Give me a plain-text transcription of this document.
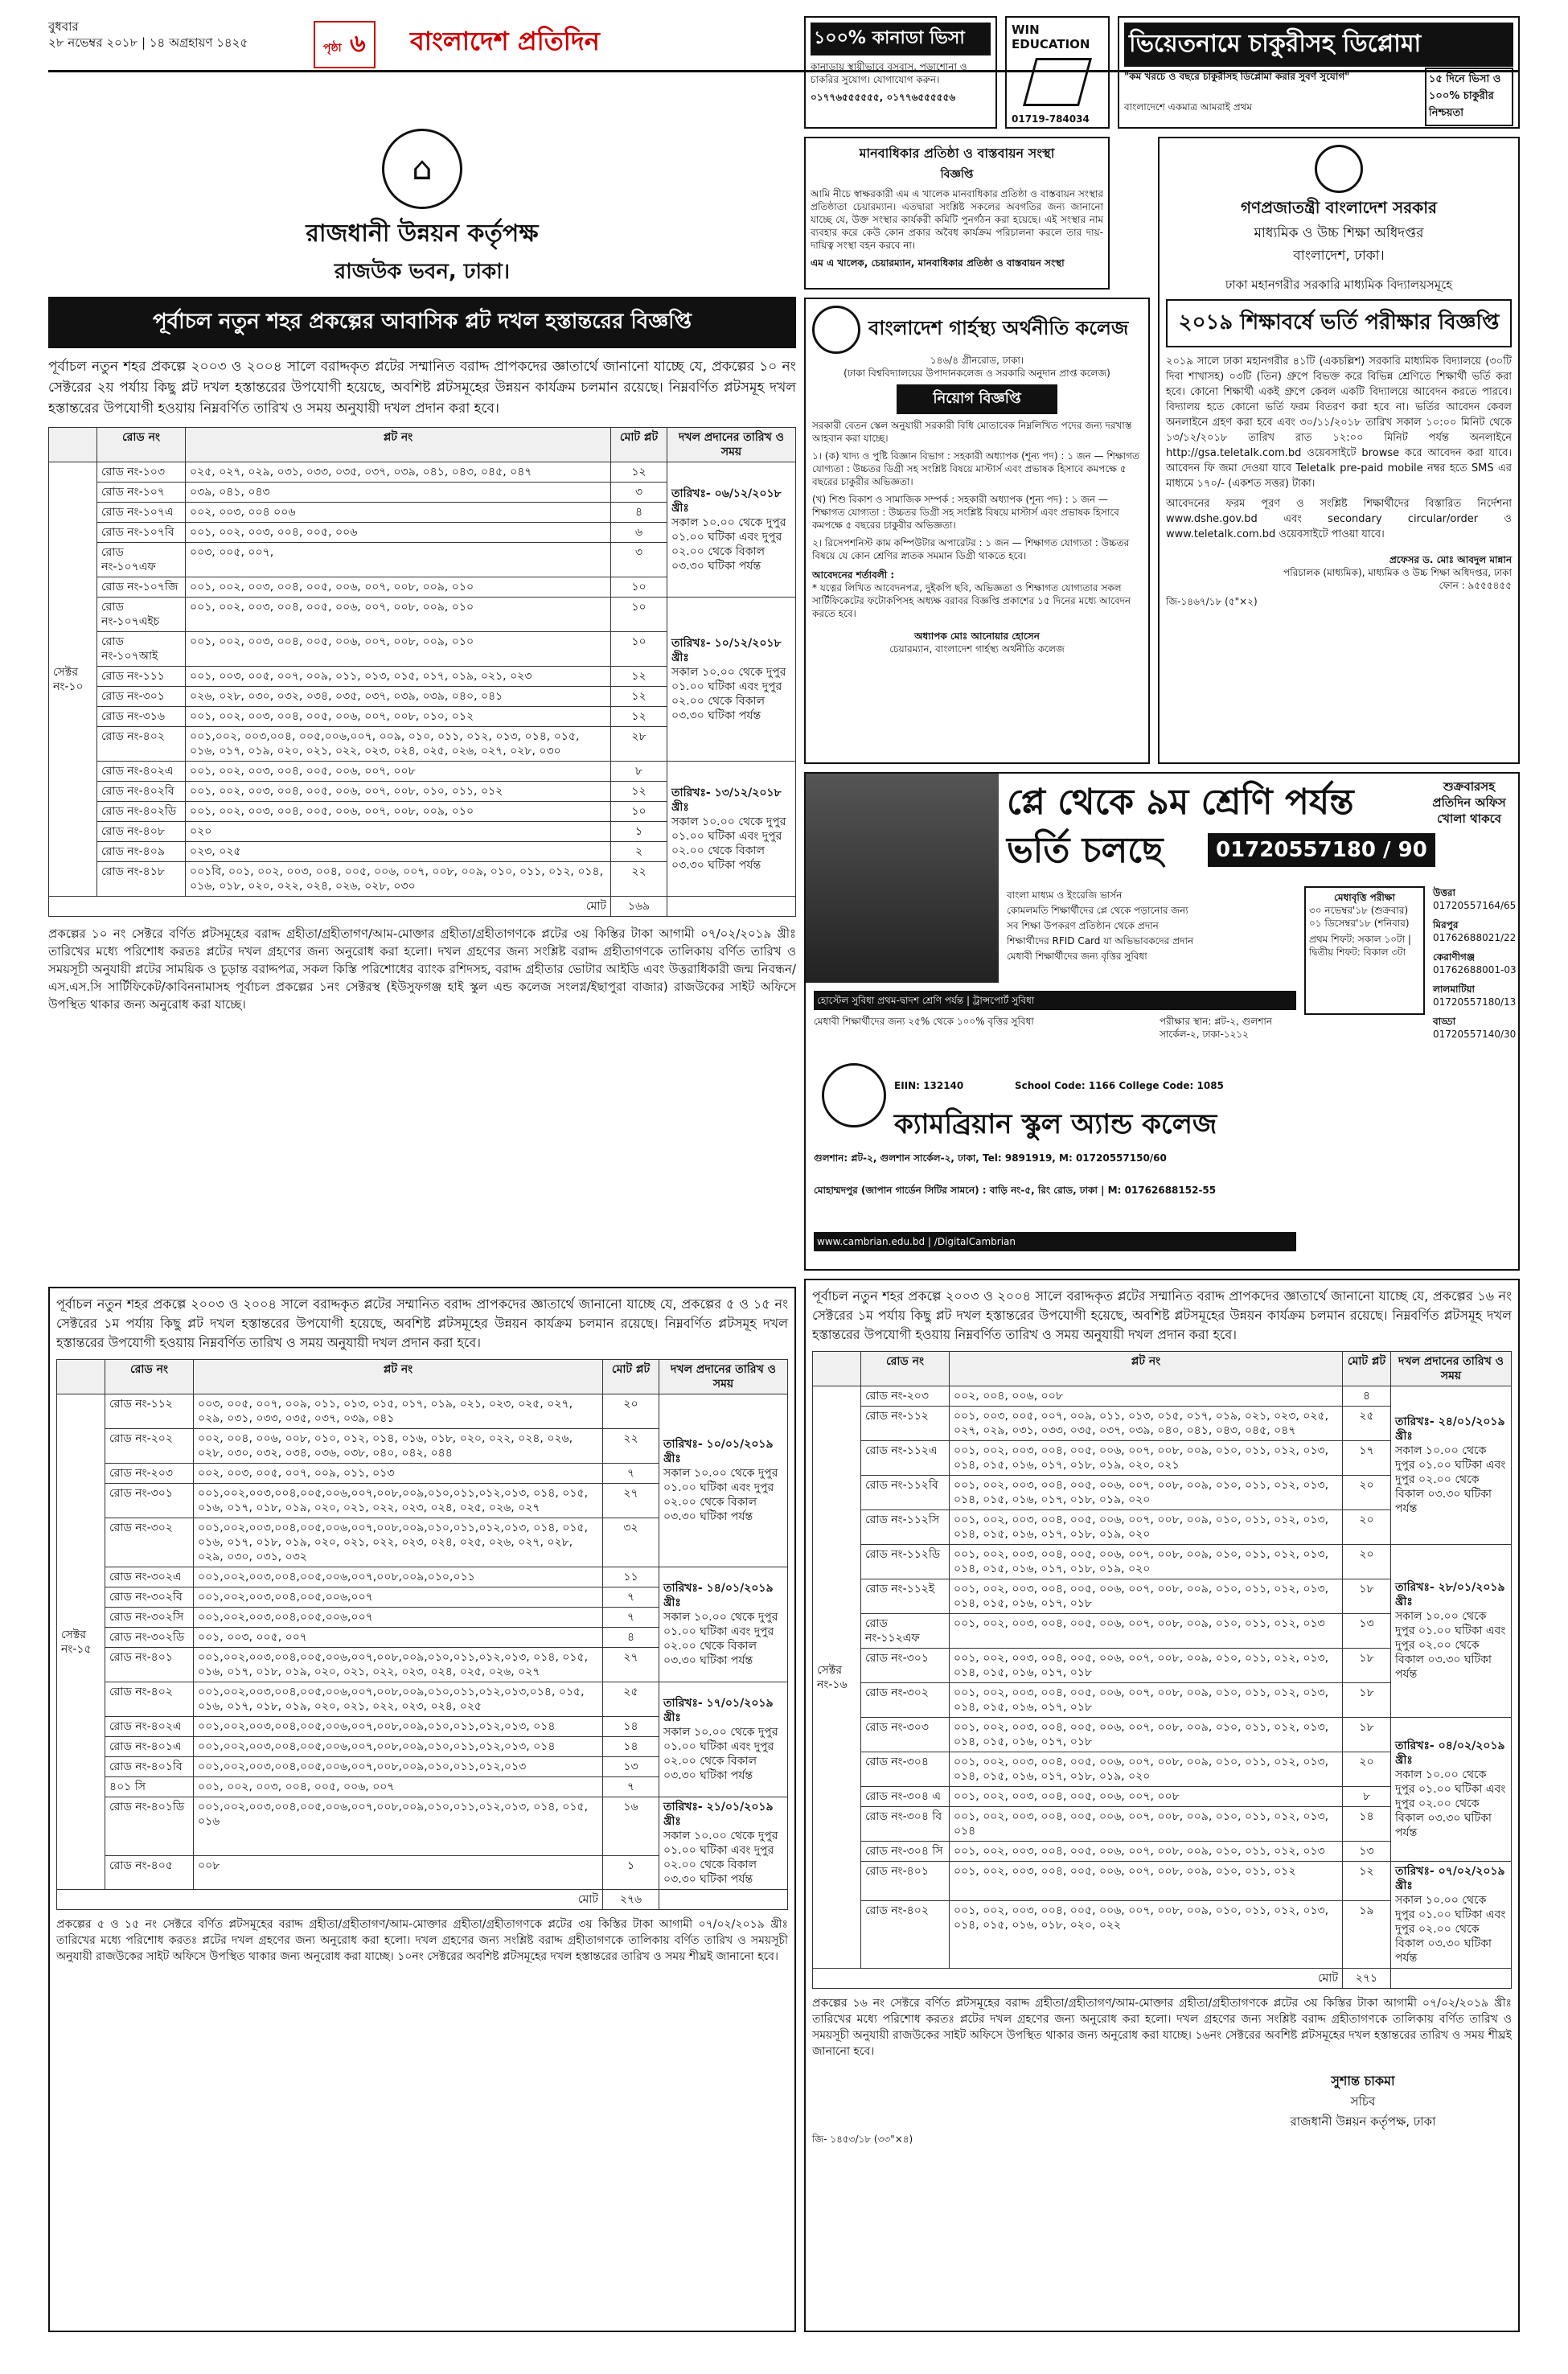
বুধবার
২৮ নভেম্বর ২০১৮ | ১৪ অগ্রহায়ণ ১৪২৫	পৃষ্ঠা ৬	বাংলাদেশ প্রতিদিন	১০০% কানাডা ভিসা
কানাডায় স্থায়ীভাবে বসবাস, পড়াশোনা ও চাকরির সুযোগ। যোগাযোগ করুন।
০১৭৭৬৫৫৫৫৫৫, ০১৭৭৬৫৫৫৫৫৬
WIN EDUCATION
01719-784034
ভিয়েতনামে চাকুরীসহ ডিপ্লোমা
"কম খরচে ও বছরে চাকুরীসহ ডিপ্লোমা করার সুবর্ণ সুযোগ"
বাংলাদেশে একমাত্র আমরাই প্রথম
১৫ দিনে ভিসা ও ১০০% চাকুরীর নিশ্চয়তা
⌂
রাজধানী উন্নয়ন কর্তৃপক্ষ
রাজউক ভবন, ঢাকা।
পূর্বাচল নতুন শহর প্রকল্পের আবাসিক প্লট দখল হস্তান্তরের বিজ্ঞপ্তি
পূর্বাচল নতুন শহর প্রকল্পে ২০০৩ ও ২০০৪ সালে বরাদ্দকৃত প্লটের সম্মানিত বরাদ্দ প্রাপকদের জ্ঞাতার্থে জানানো যাচ্ছে যে, প্রকল্পের ১০ নং সেক্টরের ২য় পর্যায় কিছু প্লট দখল হস্তান্তরের উপযোগী হয়েছে, অবশিষ্ট প্লটসমূহের উন্নয়ন কার্যক্রম চলমান রয়েছে। নিম্নবর্ণিত প্লটসমূহ দখল হস্তান্তরের উপযোগী হওয়ায় নিম্নবর্ণিত তারিখ ও সময় অনুযায়ী দখল প্রদান করা হবে।
	রোড নং	প্লট নং	মোট প্লট	দখল প্রদানের তারিখ ও সময়
সেক্টর নং-১০	রোড নং-১০৩	০২৫, ০২৭, ০২৯, ০৩১, ০৩৩, ০৩৫, ০৩৭, ০৩৯, ০৪১, ০৪৩, ০৪৫, ০৪৭	১২	তারিখঃ- ০৬/১২/২০১৮ খ্রীঃ
সকাল ১০.০০ থেকে দুপুর ০১.০০ ঘটিকা এবং দুপুর ০২.০০ থেকে বিকাল ০৩.৩০ ঘটিকা পর্যন্ত

	রোড নং-১০৭	০৩৯, ০৪১, ০৪৩	৩	
	রোড নং-১০৭এ	০০২, ০০৩, ০০৪ ০০৬	৪	
	রোড নং-১০৭বি	০০১, ০০২, ০০৩, ০০৪, ০০৫, ০০৬	৬	
	রোড নং-১০৭এফ	০০৩, ০০৫, ০০৭,	৩	
	রোড নং-১০৭জি	০০১, ০০২, ০০৩, ০০৪, ০০৫, ০০৬, ০০৭, ০০৮, ০০৯, ০১০	১০	
	রোড নং-১০৭এইচ	০০১, ০০২, ০০৩, ০০৪, ০০৫, ০০৬, ০০৭, ০০৮, ০০৯, ০১০	১০	তারিখঃ- ১০/১২/২০১৮ খ্রীঃ
সকাল ১০.০০ থেকে দুপুর ০১.০০ ঘটিকা এবং দুপুর ০২.০০ থেকে বিকাল ০৩.৩০ ঘটিকা পর্যন্ত

	রোড নং-১০৭আই	০০১, ০০২, ০০৩, ০০৪, ০০৫, ০০৬, ০০৭, ০০৮, ০০৯, ০১০	১০	
	রোড নং-১১১	০০১, ০০৩, ০০৫, ০০৭, ০০৯, ০১১, ০১৩, ০১৫, ০১৭, ০১৯, ০২১, ০২৩	১২	
	রোড নং-৩০১	০২৬, ০২৮, ০৩০, ০৩২, ০৩৪, ০৩৫, ০৩৭, ০৩৯, ০৩৯, ০৪০, ০৪১	১২	
	রোড নং-৩১৬	০০১, ০০২, ০০৩, ০০৪, ০০৫, ০০৬, ০০৭, ০০৮, ০১০, ০১২	১২	
	রোড নং-৪০২	০০১,০০২, ০০৩,০০৪, ০০৫,০০৬,০০৭, ০০৯, ০১০, ০১১, ০১২, ০১৩, ০১৪, ০১৫, ০১৬, ০১৭, ০১৯, ০২০, ০২১, ০২২, ০২৩, ০২৪, ০২৫, ০২৬, ০২৭, ০২৮, ০৩০	২৮	
	রোড নং-৪০২এ	০০১, ০০২, ০০৩, ০০৪, ০০৫, ০০৬, ০০৭, ০০৮	৮	তারিখঃ- ১৩/১২/২০১৮ খ্রীঃ
সকাল ১০.০০ থেকে দুপুর ০১.০০ ঘটিকা এবং দুপুর ০২.০০ থেকে বিকাল ০৩.৩০ ঘটিকা পর্যন্ত

	রোড নং-৪০২বি	০০১, ০০২, ০০৩, ০০৪, ০০৫, ০০৬, ০০৭, ০০৮, ০১০, ০১১, ০১২	১২	
	রোড নং-৪০২ডি	০০১, ০০২, ০০৩, ০০৪, ০০৫, ০০৬, ০০৭, ০০৮, ০০৯, ০১০	১০	
	রোড নং-৪০৮	০২০	১	
	রোড নং-৪০৯	০২৩, ০২৫	২	
	রোড নং-৪১৮	০০১বি, ০০১, ০০২, ০০৩, ০০৪, ০০৫, ০০৬, ০০৭, ০০৮, ০০৯, ০১০, ০১১, ০১২, ০১৪, ০১৬, ০১৮, ০২০, ০২২, ০২৪, ০২৬, ০২৮, ০৩০	২২	
মোট			১৬৯	
প্রকল্পের ১০ নং সেক্টরে বর্ণিত প্লটসমূহের বরাদ্দ গ্রহীতা/গ্রহীতাগণ/আম-মোক্তার গ্রহীতা/গ্রহীতাগণকে প্লটের ৩য় কিস্তির টাকা আগামী ০৭/০২/২০১৯ খ্রীঃ তারিখের মধ্যে পরিশোধ করতঃ প্লটের দখল গ্রহণের জন্য অনুরোধ করা হলো। দখল গ্রহণের জন্য সংশ্লিষ্ট বরাদ্দ গ্রহীতাগণকে তালিকায় বর্ণিত তারিখ ও সময়সূচী অনুযায়ী প্লটের সাময়িক ও চূড়ান্ত বরাদ্দপত্র, সকল কিস্তি পরিশোধের ব্যাংক রশিদসহ, বরাদ্দ গ্রহীতার ভোটার আইডি এবং উত্তরাধিকারী জন্ম নিবন্ধন/এস.এস.সি সার্টিফিকেট/কাবিননামাসহ পূর্বাচল প্রকল্পের ১নং সেক্টরস্থ (ইউসুফগঞ্জ হাই স্কুল এন্ড কলেজ সংলগ্ন/ইছাপুরা বাজার) রাজউকের সাইট অফিসে উপস্থিত থাকার জন্য অনুরোধ করা যাচ্ছে।
পূর্বাচল নতুন শহর প্রকল্পে ২০০৩ ও ২০০৪ সালে বরাদ্দকৃত প্লটের সম্মানিত বরাদ্দ প্রাপকদের জ্ঞাতার্থে জানানো যাচ্ছে যে, প্রকল্পের ৫ ও ১৫ নং সেক্টরের ১ম পর্যায় কিছু প্লট দখল হস্তান্তরের উপযোগী হয়েছে, অবশিষ্ট প্লটসমূহের উন্নয়ন কার্যক্রম চলমান রয়েছে। নিম্নবর্ণিত প্লটসমূহ দখল হস্তান্তরের উপযোগী হওয়ায় নিম্নবর্ণিত তারিখ ও সময় অনুযায়ী দখল প্রদান করা হবে।
	রোড নং	প্লট নং	মোট প্লট	দখল প্রদানের তারিখ ও সময়
সেক্টর নং-১৫	রোড নং-১১২	০০৩, ০০৫, ০০৭, ০০৯, ০১১, ০১৩, ০১৫, ০১৭, ০১৯, ০২১, ০২৩, ০২৫, ০২৭, ০২৯, ০৩১, ০৩৩, ০৩৫, ০৩৭, ০৩৯, ০৪১	২০	তারিখঃ- ১০/০১/২০১৯ খ্রীঃ
সকাল ১০.০০ থেকে দুপুর ০১.০০ ঘটিকা এবং দুপুর ০২.০০ থেকে বিকাল ০৩.৩০ ঘটিকা পর্যন্ত

	রোড নং-২০২	০০২, ০০৪, ০০৬, ০০৮, ০১০, ০১২, ০১৪, ০১৬, ০১৮, ০২০, ০২২, ০২৪, ০২৬, ০২৮, ০৩০, ০৩২, ০৩৪, ০৩৬, ০৩৮, ০৪০, ০৪২, ০৪৪	২২	
	রোড নং-২০৩	০০২, ০০৩, ০০৫, ০০৭, ০০৯, ০১১, ০১৩	৭	
	রোড নং-৩০১	০০১,০০২,০০৩,০০৪,০০৫,০০৬,০০৭,০০৮,০০৯,০১০,০১১,০১২,০১৩, ০১৪, ০১৫, ০১৬, ০১৭, ০১৮, ০১৯, ০২০, ০২১, ০২২, ০২৩, ০২৪, ০২৫, ০২৬, ০২৭	২৭	
	রোড নং-৩০২	০০১,০০২,০০৩,০০৪,০০৫,০০৬,০০৭,০০৮,০০৯,০১০,০১১,০১২,০১৩, ০১৪, ০১৫, ০১৬, ০১৭, ০১৮, ০১৯, ০২০, ০২১, ০২২, ০২৩, ০২৪, ০২৫, ০২৬, ০২৭, ০২৮, ০২৯, ০৩০, ০৩১, ০৩২	৩২	
	রোড নং-৩০২এ	০০১,০০২,০০৩,০০৪,০০৫,০০৬,০০৭,০০৮,০০৯,০১০,০১১	১১	তারিখঃ- ১৪/০১/২০১৯ খ্রীঃ
সকাল ১০.০০ থেকে দুপুর ০১.০০ ঘটিকা এবং দুপুর ০২.০০ থেকে বিকাল ০৩.৩০ ঘটিকা পর্যন্ত

	রোড নং-৩০২বি	০০১,০০২,০০৩,০০৪,০০৫,০০৬,০০৭	৭	
	রোড নং-৩০২সি	০০১,০০২,০০৩,০০৪,০০৫,০০৬,০০৭	৭	
	রোড নং-৩০২ডি	০০১, ০০৩, ০০৫, ০০৭	৪	
	রোড নং-৪০১	০০১,০০২,০০৩,০০৪,০০৫,০০৬,০০৭,০০৮,০০৯,০১০,০১১,০১২,০১৩, ০১৪, ০১৫, ০১৬, ০১৭, ০১৮, ০১৯, ০২০, ০২১, ০২২, ০২৩, ০২৪, ০২৫, ০২৬, ০২৭	২৭	
	রোড নং-৪০২	০০১,০০২,০০৩,০০৪,০০৫,০০৬,০০৭,০০৮,০০৯,০১০,০১১,০১২,০১৩,০১৪, ০১৫, ০১৬, ০১৭, ০১৮, ০১৯, ০২০, ০২১, ০২২, ০২৩, ০২৪, ০২৫	২৫	তারিখঃ- ১৭/০১/২০১৯ খ্রীঃ
সকাল ১০.০০ থেকে দুপুর ০১.০০ ঘটিকা এবং দুপুর ০২.০০ থেকে বিকাল ০৩.৩০ ঘটিকা পর্যন্ত

	রোড নং-৪০২এ	০০১,০০২,০০৩,০০৪,০০৫,০০৬,০০৭,০০৮,০০৯,০১০,০১১,০১২,০১৩, ০১৪	১৪	
	রোড নং-৪০১এ	০০১,০০২,০০৩,০০৪,০০৫,০০৬,০০৭,০০৮,০০৯,০১০,০১১,০১২,০১৩, ০১৪	১৪	
	রোড নং-৪০১বি	০০১,০০২,০০৩,০০৪,০০৫,০০৬,০০৭,০০৮,০০৯,০১০,০১১,০১২,০১৩	১৩	
	৪০১ সি	০০১, ০০২, ০০৩, ০০৪, ০০৫, ০০৬, ০০৭	৭	
	রোড নং-৪০১ডি	০০১,০০২,০০৩,০০৪,০০৫,০০৬,০০৭,০০৮,০০৯,০১০,০১১,০১২,০১৩, ০১৪, ০১৫, ০১৬	১৬	তারিখঃ- ২১/০১/২০১৯ খ্রীঃ
সকাল ১০.০০ থেকে দুপুর ০১.০০ ঘটিকা এবং দুপুর ০২.০০ থেকে বিকাল ০৩.৩০ ঘটিকা পর্যন্ত

	রোড নং-৪০৫	০০৮	১	
মোট			২৭৬	
প্রকল্পের ৫ ও ১৫ নং সেক্টরে বর্ণিত প্লটসমূহের বরাদ্দ গ্রহীতা/গ্রহীতাগণ/আম-মোক্তার গ্রহীতা/গ্রহীতাগণকে প্লটের ৩য় কিস্তির টাকা আগামী ০৭/০২/২০১৯ খ্রীঃ তারিখের মধ্যে পরিশোধ করতঃ প্লটের দখল গ্রহণের জন্য অনুরোধ করা হলো। দখল গ্রহণের জন্য সংশ্লিষ্ট বরাদ্দ গ্রহীতাগণকে তালিকায় বর্ণিত তারিখ ও সময়সূচী অনুযায়ী রাজউকের সাইট অফিসে উপস্থিত থাকার জন্য অনুরোধ করা যাচ্ছে। ১০নং সেক্টরের অবশিষ্ট প্লটসমূহের দখল হস্তান্তরের তারিখ ও সময় শীঘ্রই জানানো হবে।
মানবাধিকার প্রতিষ্ঠা ও বাস্তবায়ন সংস্থা
বিজ্ঞপ্তি
আমি নীচে স্বাক্ষরকারী এম এ খালেক মানবাধিকার প্রতিষ্ঠা ও বাস্তবায়ন সংস্থার প্রতিষ্ঠাতা চেয়ারম্যান। এতদ্বারা সংশ্লিষ্ট সকলের অবগতির জন্য জানানো যাচ্ছে যে, উক্ত সংস্থার কার্যকরী কমিটি পুনর্গঠন করা হয়েছে। এই সংস্থার নাম ব্যবহার করে কেউ কোন প্রকার অবৈধ কার্যক্রম পরিচালনা করলে তার দায়-দায়িত্ব সংস্থা বহন করবে না।
এম এ খালেক, চেয়ারম্যান, মানবাধিকার প্রতিষ্ঠা ও বাস্তবায়ন সংস্থা
বাংলাদেশ গার্হস্থ্য অর্থনীতি কলেজ
১৪৬/৪ গ্রীনরোড, ঢাকা।
(ঢাকা বিশ্ববিদ্যালয়ের উপাদানকলেজ ও সরকারি অনুদান প্রাপ্ত কলেজ)
নিয়োগ বিজ্ঞপ্তি
সরকারী বেতন স্কেল অনুযায়ী সরকারী বিধি মোতাবেক নিম্নলিখিত পদের জন্য দরখাস্ত আহবান করা যাচ্ছে।
১। (ক) খাদ্য ও পুষ্টি বিজ্ঞান বিভাগ : সহকারী অধ্যাপক (শূন্য পদ) : ১ জন — শিক্ষাগত যোগ্যতা : উচ্চতর ডিগ্রী সহ সংশ্লিষ্ট বিষয়ে মাস্টার্স এবং প্রভাষক হিসাবে কমপক্ষে ৫ বছরের চাকুরীর অভিজ্ঞতা।
(খ) শিশু বিকাশ ও সামাজিক সম্পর্ক : সহকারী অধ্যাপক (শূন্য পদ) : ১ জন — শিক্ষাগত যোগ্যতা : উচ্চতর ডিগ্রী সহ সংশ্লিষ্ট বিষয়ে মাস্টার্স এবং প্রভাষক হিসাবে কমপক্ষে ৫ বছরের চাকুরীর অভিজ্ঞতা।
২। রিসেপশনিস্ট কাম কম্পিউটার অপারেটর : ১ জন — শিক্ষাগত যোগ্যতা : উচ্চতর বিষয়ে যে কোন শ্রেণির স্নাতক সমমান ডিগ্রী থাকতে হবে।
আবেদনের শর্তাবলী :
* যত্নের লিখিত আবেদনপত্র, দুইকপি ছবি, অভিজ্ঞতা ও শিক্ষাগত যোগ্যতার সকল সার্টিফিকেটের ফটোকপিসহ অধ্যক্ষ বরাবর বিজ্ঞপ্তি প্রকাশের ১৫ দিনের মধ্যে আবেদন করতে হবে।
অধ্যাপক মোঃ আনোয়ার হোসেন
চেয়ারম্যান, বাংলাদেশ গার্হস্থ্য অর্থনীতি কলেজ
গণপ্রজাতন্ত্রী বাংলাদেশ সরকার
মাধ্যমিক ও উচ্চ শিক্ষা অধিদপ্তর
বাংলাদেশ, ঢাকা।
ঢাকা মহানগরীর সরকারি মাধ্যমিক বিদ্যালয়সমূহে
২০১৯ শিক্ষাবর্ষে ভর্তি পরীক্ষার বিজ্ঞপ্তি
২০১৯ সালে ঢাকা মহানগরীর ৪১টি (একচল্লিশ) সরকারি মাধ্যমিক বিদ্যালয়ে (৩০টি দিবা শাখাসহ) ০৩টি (তিন) গ্রুপে বিভক্ত করে বিভিন্ন শ্রেণিতে শিক্ষার্থী ভর্তি করা হবে। কোনো শিক্ষার্থী একই গ্রুপে কেবল একটি বিদ্যালয়ে আবেদন করতে পারবে। বিদ্যালয় হতে কোনো ভর্তি ফরম বিতরণ করা হবে না। ভর্তির আবেদন কেবল অনলাইনে গ্রহণ করা হবে এবং ৩০/১১/২০১৮ তারিখ সকাল ১০:০০ মিনিট থেকে ১৩/১২/২০১৮ তারিখ রাত ১২:০০ মিনিট পর্যন্ত অনলাইনে http://gsa.teletalk.com.bd ওয়েবসাইটে browse করে আবেদন করা যাবে। আবেদন ফি জমা দেওয়া যাবে Teletalk pre-paid mobile নম্বর হতে SMS এর মাধ্যমে ১৭০/- (একশত সত্তর) টাকা।
আবেদনের ফরম পূরণ ও সংশ্লিষ্ট শিক্ষার্থীদের বিস্তারিত নির্দেশনা www.dshe.gov.bd এবং secondary circular/order ও www.teletalk.com.bd ওয়েবসাইটে পাওয়া যাবে।
প্রফেসর ড. মোঃ আবদুল মান্নান
পরিচালক (মাধ্যমিক), মাধ্যমিক ও উচ্চ শিক্ষা অধিদপ্তর, ঢাকা
ফোন : ৯৫৫৫৪৫৫
জি-১৪৬৭/১৮ (৫"×২)
প্লে থেকে ৯ম শ্রেণি পর্যন্ত
ভর্তি চলছে	01720557180 / 90
শুক্রবারসহ প্রতিদিন অফিস খোলা থাকবে
বাংলা মাধ্যম ও ইংরেজি ভার্সন
কোমলমতি শিক্ষার্থীদের প্লে থেকে পড়ানোর জন্য
সব শিক্ষা উপকরণ প্রতিষ্ঠান থেকে প্রদান
শিক্ষার্থীদের RFID Card যা অভিভাবকদের প্রদান
মেধাবী শিক্ষার্থীদের জন্য বৃত্তির সুবিধা
মেধাবৃত্তি পরীক্ষা
৩০ নভেম্বর'১৮ (শুক্রবার)
০১ ডিসেম্বর'১৮ (শনিবার)
প্রথম শিফট: সকাল ১০টা | দ্বিতীয় শিফট: বিকাল ৩টা
হোস্টেল সুবিধা প্রথম-দ্বাদশ শ্রেণি পর্যন্ত | ট্রান্সপোর্ট সুবিধা
মেধাবী শিক্ষার্থীদের জন্য ২৫% থেকে ১০০% বৃত্তির সুবিধা	পরীক্ষার স্থান: প্লট-২, গুলশান সার্কেল-২, ঢাকা-১২১২
EIIN: 132140	School Code: 1166 College Code: 1085
ক্যামব্রিয়ান স্কুল অ্যান্ড কলেজ
গুলশান: প্লট-২, গুলশান সার্কেল-২, ঢাকা, Tel: 9891919, M: 01720557150/60
মোহাম্মদপুর (জাপান গার্ডেন সিটির সামনে) : বাড়ি নং-৫, রিং রোড, ঢাকা | M: 01762688152-55
www.cambrian.edu.bd | /DigitalCambrian
উত্তরা
01720557164/65
মিরপুর
01762688021/22
কেরাণীগঞ্জ
01762688001-03
লালমাটিয়া
01720557180/13
বাড্ডা
01720557140/30
পূর্বাচল নতুন শহর প্রকল্পে ২০০৩ ও ২০০৪ সালে বরাদ্দকৃত প্লটের সম্মানিত বরাদ্দ প্রাপকদের জ্ঞাতার্থে জানানো যাচ্ছে যে, প্রকল্পের ১৬ নং সেক্টরের ১ম পর্যায় কিছু প্লট দখল হস্তান্তরের উপযোগী হয়েছে, অবশিষ্ট প্লটসমূহের উন্নয়ন কার্যক্রম চলমান রয়েছে। নিম্নবর্ণিত প্লটসমূহ দখল হস্তান্তরের উপযোগী হওয়ায় নিম্নবর্ণিত তারিখ ও সময় অনুযায়ী দখল প্রদান করা হবে।
	রোড নং	প্লট নং	মোট প্লট	দখল প্রদানের তারিখ ও সময়
সেক্টর নং-১৬	রোড নং-২০৩	০০২, ০০৪, ০০৬, ০০৮	৪	তারিখঃ- ২৪/০১/২০১৯ খ্রীঃ
সকাল ১০.০০ থেকে দুপুর ০১.০০ ঘটিকা এবং দুপুর ০২.০০ থেকে বিকাল ০৩.৩০ ঘটিকা পর্যন্ত

	রোড নং-১১২	০০১, ০০৩, ০০৫, ০০৭, ০০৯, ০১১, ০১৩, ০১৫, ০১৭, ০১৯, ০২১, ০২৩, ০২৫, ০২৭, ০২৯, ০৩১, ০৩৩, ০৩৫, ০৩৭, ০৩৯, ০৪০, ০৪১, ০৪৩, ০৪৫, ০৪৭	২৫	
	রোড নং-১১২এ	০০১, ০০২, ০০৩, ০০৪, ০০৫, ০০৬, ০০৭, ০০৮, ০০৯, ০১০, ০১১, ০১২, ০১৩, ০১৪, ০১৫, ০১৬, ০১৭, ০১৮, ০১৯, ০২০, ০২১	১৭	
	রোড নং-১১২বি	০০১, ০০২, ০০৩, ০০৪, ০০৫, ০০৬, ০০৭, ০০৮, ০০৯, ০১০, ০১১, ০১২, ০১৩, ০১৪, ০১৫, ০১৬, ০১৭, ০১৮, ০১৯, ০২০	২০	
	রোড নং-১১২সি	০০১, ০০২, ০০৩, ০০৪, ০০৫, ০০৬, ০০৭, ০০৮, ০০৯, ০১০, ০১১, ০১২, ০১৩, ০১৪, ০১৫, ০১৬, ০১৭, ০১৮, ০১৯, ০২০	২০	
	রোড নং-১১২ডি	০০১, ০০২, ০০৩, ০০৪, ০০৫, ০০৬, ০০৭, ০০৮, ০০৯, ০১০, ০১১, ০১২, ০১৩, ০১৪, ০১৫, ০১৬, ০১৭, ০১৮, ০১৯, ০২০	২০	তারিখঃ- ২৮/০১/২০১৯ খ্রীঃ
সকাল ১০.০০ থেকে দুপুর ০১.০০ ঘটিকা এবং দুপুর ০২.০০ থেকে বিকাল ০৩.৩০ ঘটিকা পর্যন্ত

	রোড নং-১১২ই	০০১, ০০২, ০০৩, ০০৪, ০০৫, ০০৬, ০০৭, ০০৮, ০০৯, ০১০, ০১১, ০১২, ০১৩, ০১৪, ০১৫, ০১৬, ০১৭, ০১৮	১৮	
	রোড নং-১১২এফ	০০১, ০০২, ০০৩, ০০৪, ০০৫, ০০৬, ০০৭, ০০৮, ০০৯, ০১০, ০১১, ০১২, ০১৩	১৩	
	রোড নং-৩০১	০০১, ০০২, ০০৩, ০০৪, ০০৫, ০০৬, ০০৭, ০০৮, ০০৯, ০১০, ০১১, ০১২, ০১৩, ০১৪, ০১৫, ০১৬, ০১৭, ০১৮	১৮	
	রোড নং-৩০২	০০১, ০০২, ০০৩, ০০৪, ০০৫, ০০৬, ০০৭, ০০৮, ০০৯, ০১০, ০১১, ০১২, ০১৩, ০১৪, ০১৫, ০১৬, ০১৭, ০১৮	১৮	
	রোড নং-৩০৩	০০১, ০০২, ০০৩, ০০৪, ০০৫, ০০৬, ০০৭, ০০৮, ০০৯, ০১০, ০১১, ০১২, ০১৩, ০১৪, ০১৫, ০১৬, ০১৭, ০১৮	১৮	তারিখঃ- ০৪/০২/২০১৯ খ্রীঃ
সকাল ১০.০০ থেকে দুপুর ০১.০০ ঘটিকা এবং দুপুর ০২.০০ থেকে বিকাল ০৩.৩০ ঘটিকা পর্যন্ত

	রোড নং-৩০৪	০০১, ০০২, ০০৩, ০০৪, ০০৫, ০০৬, ০০৭, ০০৮, ০০৯, ০১০, ০১১, ০১২, ০১৩, ০১৪, ০১৫, ০১৬, ০১৭, ০১৮, ০১৯, ০২০	২০	
	রোড নং-৩০৪ এ	০০১, ০০২, ০০৩, ০০৪, ০০৫, ০০৬, ০০৭, ০০৮	৮	
	রোড নং-৩০৪ বি	০০১, ০০২, ০০৩, ০০৪, ০০৫, ০০৬, ০০৭, ০০৮, ০০৯, ০১০, ০১১, ০১২, ০১৩, ০১৪	১৪	
	রোড নং-৩০৪ সি	০০১, ০০২, ০০৩, ০০৪, ০০৫, ০০৬, ০০৭, ০০৮, ০০৯, ০১০, ০১১, ০১২, ০১৩	১৩	
	রোড নং-৪০১	০০১, ০০২, ০০৩, ০০৪, ০০৫, ০০৬, ০০৭, ০০৮, ০০৯, ০১০, ০১১, ০১২	১২	তারিখঃ- ০৭/০২/২০১৯ খ্রীঃ
সকাল ১০.০০ থেকে দুপুর ০১.০০ ঘটিকা এবং দুপুর ০২.০০ থেকে বিকাল ০৩.৩০ ঘটিকা পর্যন্ত

	রোড নং-৪০২	০০১, ০০২, ০০৩, ০০৪, ০০৫, ০০৬, ০০৭, ০০৮, ০০৯, ০১০, ০১১, ০১২, ০১৩, ০১৪, ০১৫, ০১৬, ০১৮, ০২০, ০২২	১৯	
মোট			২৭১	
প্রকল্পের ১৬ নং সেক্টরে বর্ণিত প্লটসমূহের বরাদ্দ গ্রহীতা/গ্রহীতাগণ/আম-মোক্তার গ্রহীতা/গ্রহীতাগণকে প্লটের ৩য় কিস্তির টাকা আগামী ০৭/০২/২০১৯ খ্রীঃ তারিখের মধ্যে পরিশোধ করতঃ প্লটের দখল গ্রহণের জন্য অনুরোধ করা হলো। দখল গ্রহণের জন্য সংশ্লিষ্ট বরাদ্দ গ্রহীতাগণকে তালিকায় বর্ণিত তারিখ ও সময়সূচী অনুযায়ী রাজউকের সাইট অফিসে উপস্থিত থাকার জন্য অনুরোধ করা যাচ্ছে। ১৬নং সেক্টরের অবশিষ্ট প্লটসমূহের দখল হস্তান্তরের তারিখ ও সময় শীঘ্রই জানানো হবে।
সুশান্ত চাকমা
সচিব
রাজধানী উন্নয়ন কর্তৃপক্ষ, ঢাকা
জি- ১৪৫৩/১৮ (৩৩"×৪)
